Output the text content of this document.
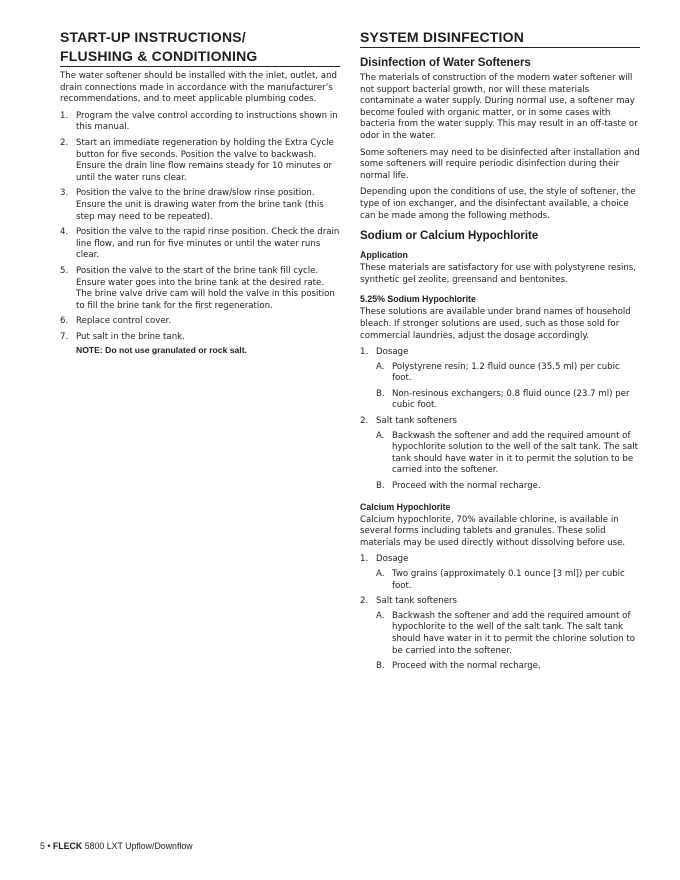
START-UP INSTRUCTIONS/
FLUSHING & CONDITIONING

The water softener should be installed with the inlet, outlet, and drain connections made in accordance with the manufacturer’s recommendations, and to meet applicable plumbing codes.

1. Program the valve control according to instructions shown in this manual.
2. Start an immediate regeneration by holding the Extra Cycle button for five seconds. Position the valve to backwash. Ensure the drain line flow remains steady for 10 minutes or until the water runs clear.
3. Position the valve to the brine draw/slow rinse position. Ensure the unit is drawing water from the brine tank (this step may need to be repeated).
4. Position the valve to the rapid rinse position. Check the drain line flow, and run for five minutes or until the water runs clear.
5. Position the valve to the start of the brine tank fill cycle. Ensure water goes into the brine tank at the desired rate. The brine valve drive cam will hold the valve in this position to fill the brine tank for the first regeneration.
6. Replace control cover.
7. Put salt in the brine tank.
NOTE: Do not use granulated or rock salt.
SYSTEM DISINFECTION
Disinfection of Water Softeners

The materials of construction of the modern water softener will not support bacterial growth, nor will these materials contaminate a water supply. During normal use, a softener may become fouled with organic matter, or in some cases with bacteria from the water supply. This may result in an off-taste or odor in the water.

Some softeners may need to be disinfected after installation and some softeners will require periodic disinfection during their normal life.

Depending upon the conditions of use, the style of softener, the type of ion exchanger, and the disinfectant available, a choice can be made among the following methods.

Sodium or Calcium Hypochlorite
Application

These materials are satisfactory for use with polystyrene resins, synthetic gel zeolite, greensand and bentonites.

5.25% Sodium Hypochlorite

These solutions are available under brand names of household bleach. If stronger solutions are used, such as those sold for commercial laundries, adjust the dosage accordingly.

1. Dosage
A. Polystyrene resin; 1.2 fluid ounce (35.5 ml) per cubic foot.
B. Non-resinous exchangers; 0.8 fluid ounce (23.7 ml) per cubic foot.
2. Salt tank softeners
A. Backwash the softener and add the required amount of hypochlorite solution to the well of the salt tank. The salt tank should have water in it to permit the solution to be carried into the softener.
B. Proceed with the normal recharge.
Calcium Hypochlorite

Calcium hypochlorite, 70% available chlorine, is available in several forms including tablets and granules. These solid materials may be used directly without dissolving before use.

1. Dosage
A. Two grains (approximately 0.1 ounce [3 ml]) per cubic foot.
2. Salt tank softeners
A. Backwash the softener and add the required amount of hypochlorite to the well of the salt tank. The salt tank should have water in it to permit the chlorine solution to be carried into the softener.
B. Proceed with the normal recharge.
5 • FLECK 5800 LXT Upflow/Downflow
